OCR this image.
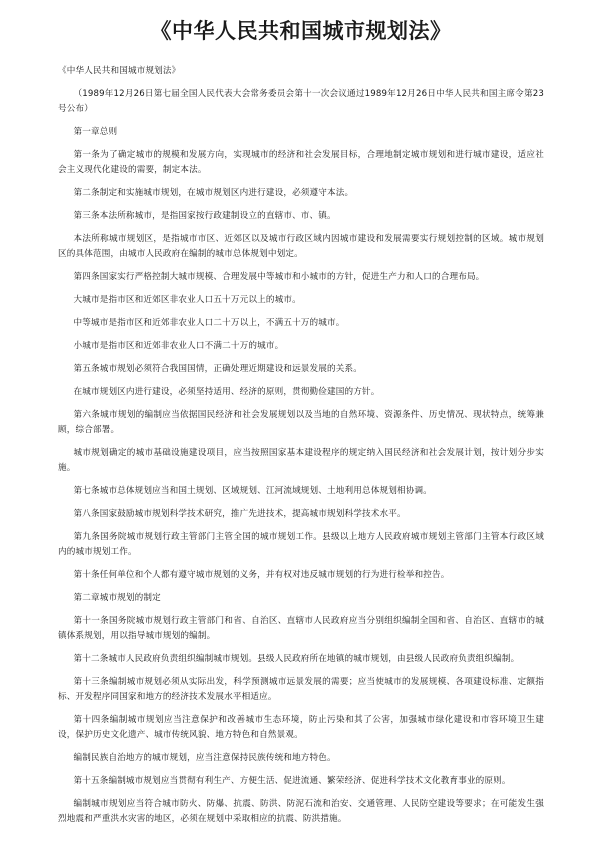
《中华人民共和国城市规划法》

《中华人民共和国城市规划法》

（1989年12月26日第七届全国人民代表大会常务委员会第十一次会议通过1989年12月26日中华人民共和国主席令第23号公布）

第一章总则

第一条为了确定城市的规模和发展方向，实现城市的经济和社会发展目标，合理地制定城市规划和进行城市建设，适应社会主义现代化建设的需要，制定本法。

第二条制定和实施城市规划，在城市规划区内进行建设，必须遵守本法。

第三条本法所称城市，是指国家按行政建制设立的直辖市、市、镇。

本法所称城市规划区，是指城市市区、近郊区以及城市行政区域内因城市建设和发展需要实行规划控制的区域。城市规划区的具体范围，由城市人民政府在编制的城市总体规划中划定。

第四条国家实行严格控制大城市规模、合理发展中等城市和小城市的方针，促进生产力和人口的合理布局。

大城市是指市区和近郊区非农业人口五十万元以上的城市。

中等城市是指市区和近郊非农业人口二十万以上，不满五十万的城市。

小城市是指市区和近郊非农业人口不满二十万的城市。

第五条城市规划必须符合我国国情，正确处理近期建设和远景发展的关系。

在城市规划区内进行建设，必须坚持适用、经济的原则，贯彻勤俭建国的方针。

第六条城市规划的编制应当依据国民经济和社会发展规划以及当地的自然环境、资源条件、历史情况、现状特点，统筹兼顾，综合部署。

城市规划确定的城市基础设施建设项目，应当按照国家基本建设程序的规定纳入国民经济和社会发展计划，按计划分步实施。

第七条城市总体规划应当和国土规划、区域规划、江河流域规划、土地利用总体规划相协调。

第八条国家鼓励城市规划科学技术研究，推广先进技术，提高城市规划科学技术水平。

第九条国务院城市规划行政主管部门主管全国的城市规划工作。县级以上地方人民政府城市规划主管部门主管本行政区域内的城市规划工作。

第十条任何单位和个人都有遵守城市规划的义务，并有权对违反城市规划的行为进行检举和控告。

第二章城市规划的制定

第十一条国务院城市规划行政主管部门和省、自治区、直辖市人民政府应当分别组织编制全国和省、自治区、直辖市的城镇体系规划，用以指导城市规划的编制。

第十二条城市人民政府负责组织编制城市规划。县级人民政府所在地镇的城市规划，由县级人民政府负责组织编制。

第十三条编制城市规划必须从实际出发，科学预测城市远景发展的需要；应当使城市的发展规模、各项建设标准、定额指标、开发程序同国家和地方的经济技术发展水平相适应。

第十四条编制城市规划应当注意保护和改善城市生态环境，防止污染和其了公害，加强城市绿化建设和市容环境卫生建设，保护历史文化遗产、城市传统风貌、地方特色和自然景观。

编制民族自治地方的城市规划，应当注意保持民族传统和地方特色。

第十五条编制城市规划应当贯彻有利生产、方便生活、促进流通、繁荣经济、促进科学技术文化教育事业的原则。

编制城市规划应当符合城市防火、防爆、抗震、防洪、防泥石流和治安、交通管理、人民防空建设等要求；在可能发生强烈地震和严重洪水灾害的地区，必须在规划中采取相应的抗震、防洪措施。
